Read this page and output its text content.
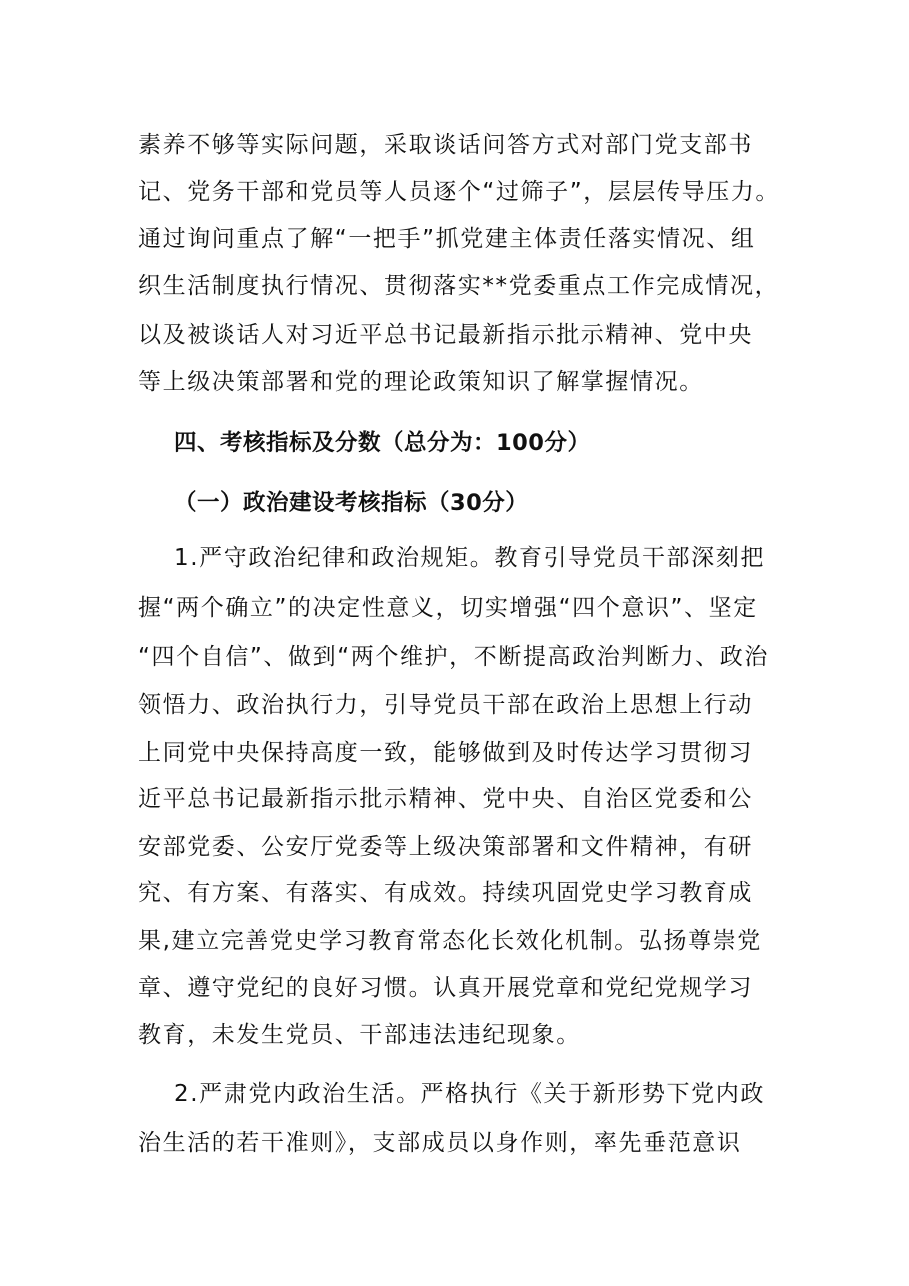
素养不够等实际问题，采取谈话问答方式对部门党支部书
记、党务干部和党员等人员逐个“过筛子”，层层传导压力。
通过询问重点了解“一把手”抓党建主体责任落实情况、组
织生活制度执行情况、贯彻落实**党委重点工作完成情况，
以及被谈话人对习近平总书记最新指示批示精神、党中央
等上级决策部署和党的理论政策知识了解掌握情况。
四、考核指标及分数（总分为：100分）
（一）政治建设考核指标（30分）
1.严守政治纪律和政治规矩。教育引导党员干部深刻把
握“两个确立”的决定性意义，切实增强“四个意识”、坚定
“四个自信”、做到“两个维护，不断提高政治判断力、政治
领悟力、政治执行力，引导党员干部在政治上思想上行动
上同党中央保持高度一致，能够做到及时传达学习贯彻习
近平总书记最新指示批示精神、党中央、自治区党委和公
安部党委、公安厅党委等上级决策部署和文件精神，有研
究、有方案、有落实、有成效。持续巩固党史学习教育成
果,建立完善党史学习教育常态化长效化机制。弘扬尊崇党
章、遵守党纪的良好习惯。认真开展党章和党纪党规学习
教育，未发生党员、干部违法违纪现象。
2.严肃党内政治生活。严格执行《关于新形势下党内政
治生活的若干准则》，支部成员以身作则，率先垂范意识
